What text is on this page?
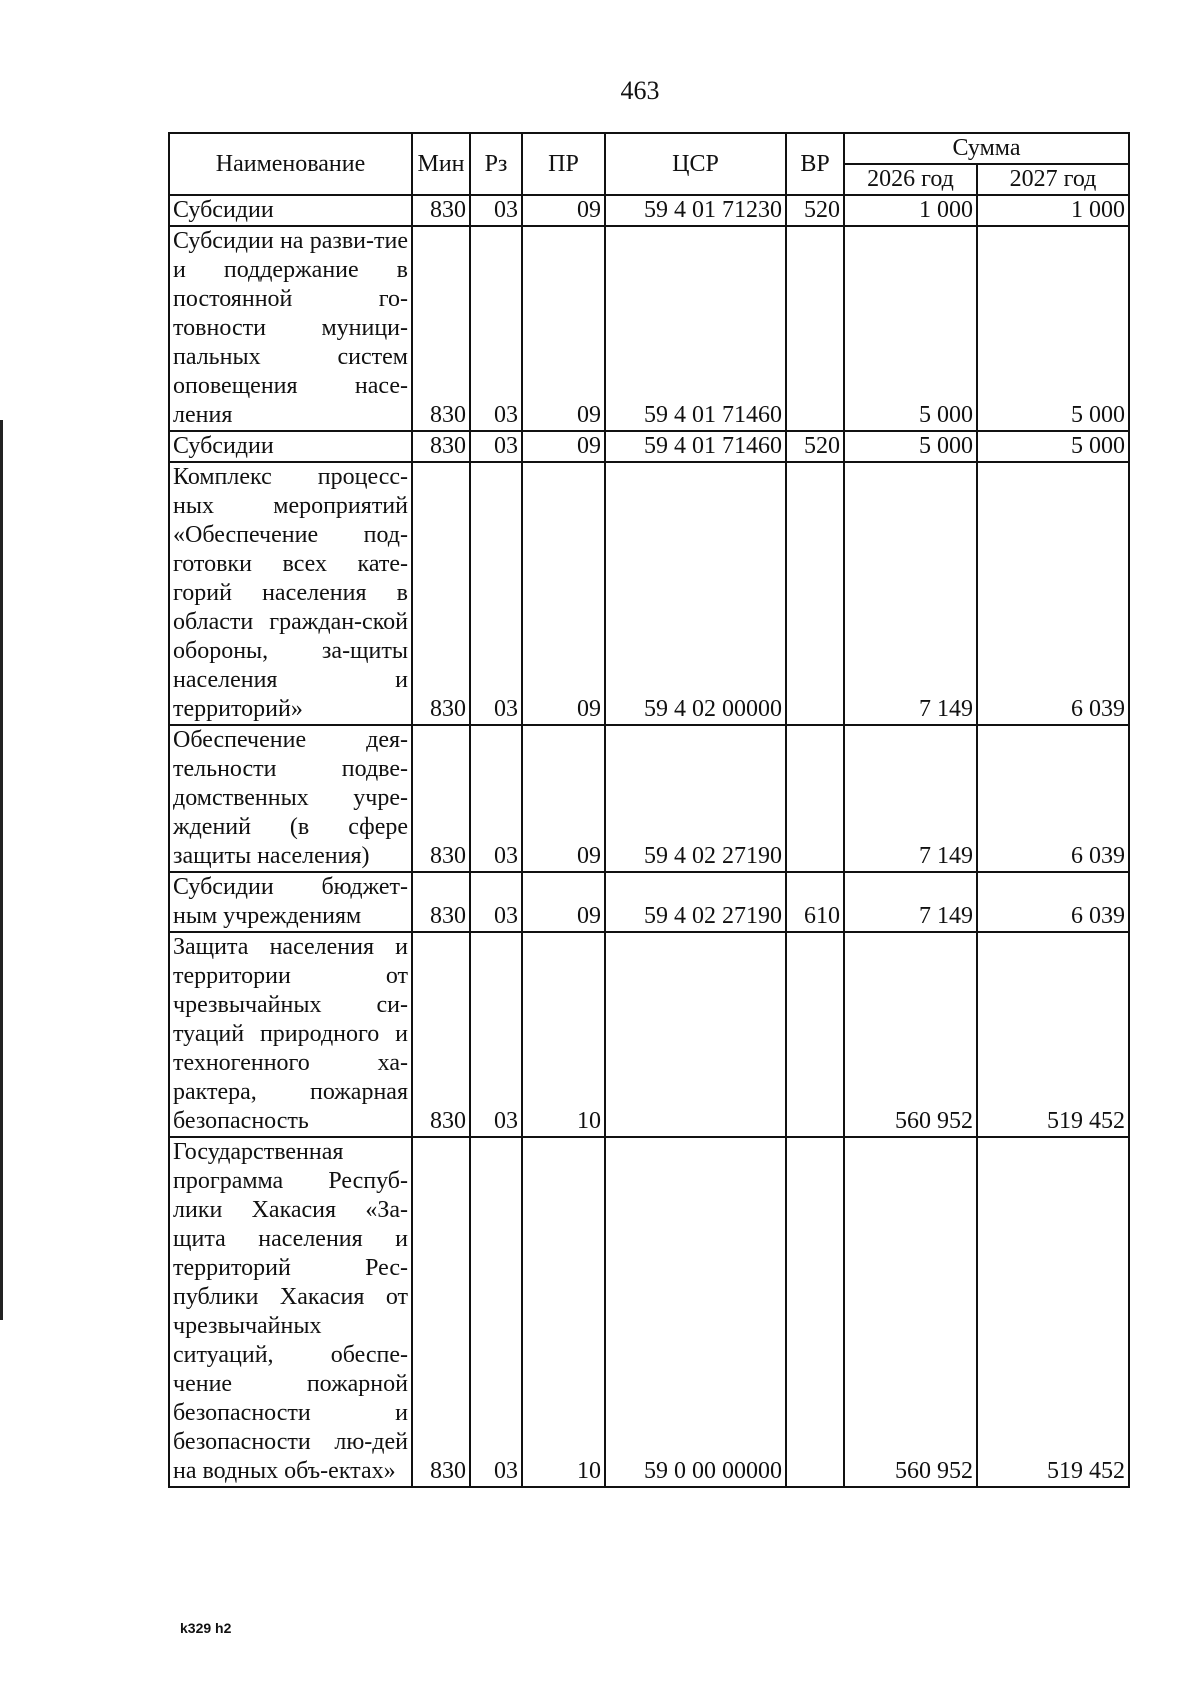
463
Наименование	Мин	Рз	ПР	ЦСР	ВР	Сумма	
						2026 год	2027 год
Субсидии	830	03	09	59 4 01 71230	520	1 000	1 000
Субсидии на разви-тие и поддержание в постоянной го-товности муници-пальных систем оповещения насе-ления	830	03	09	59 4 01 71460		5 000	5 000
Субсидии	830	03	09	59 4 01 71460	520	5 000	5 000
Комплекс процесс-ных мероприятий «Обеспечение под-готовки всех кате-горий населения в области граждан-ской обороны, за-щиты населения и территорий»	830	03	09	59 4 02 00000		7 149	6 039
Обеспечение дея-тельности подве-домственных учре-ждений (в сфере защиты населения)	830	03	09	59 4 02 27190		7 149	6 039
Субсидии бюджет-ным учреждениям	830	03	09	59 4 02 27190	610	7 149	6 039
Защита населения и территории от чрезвычайных си-туаций природного и техногенного ха-рактера, пожарная безопасность	830	03	10			560 952	519 452
Государственная программа Респуб-лики Хакасия «За-щита населения и территорий Рес-публики Хакасия от чрезвычайных ситуаций, обеспе-чение пожарной безопасности и безопасности лю-дей на водных объ-ектах»	830	03	10	59 0 00 00000		560 952	519 452
k329 h2
